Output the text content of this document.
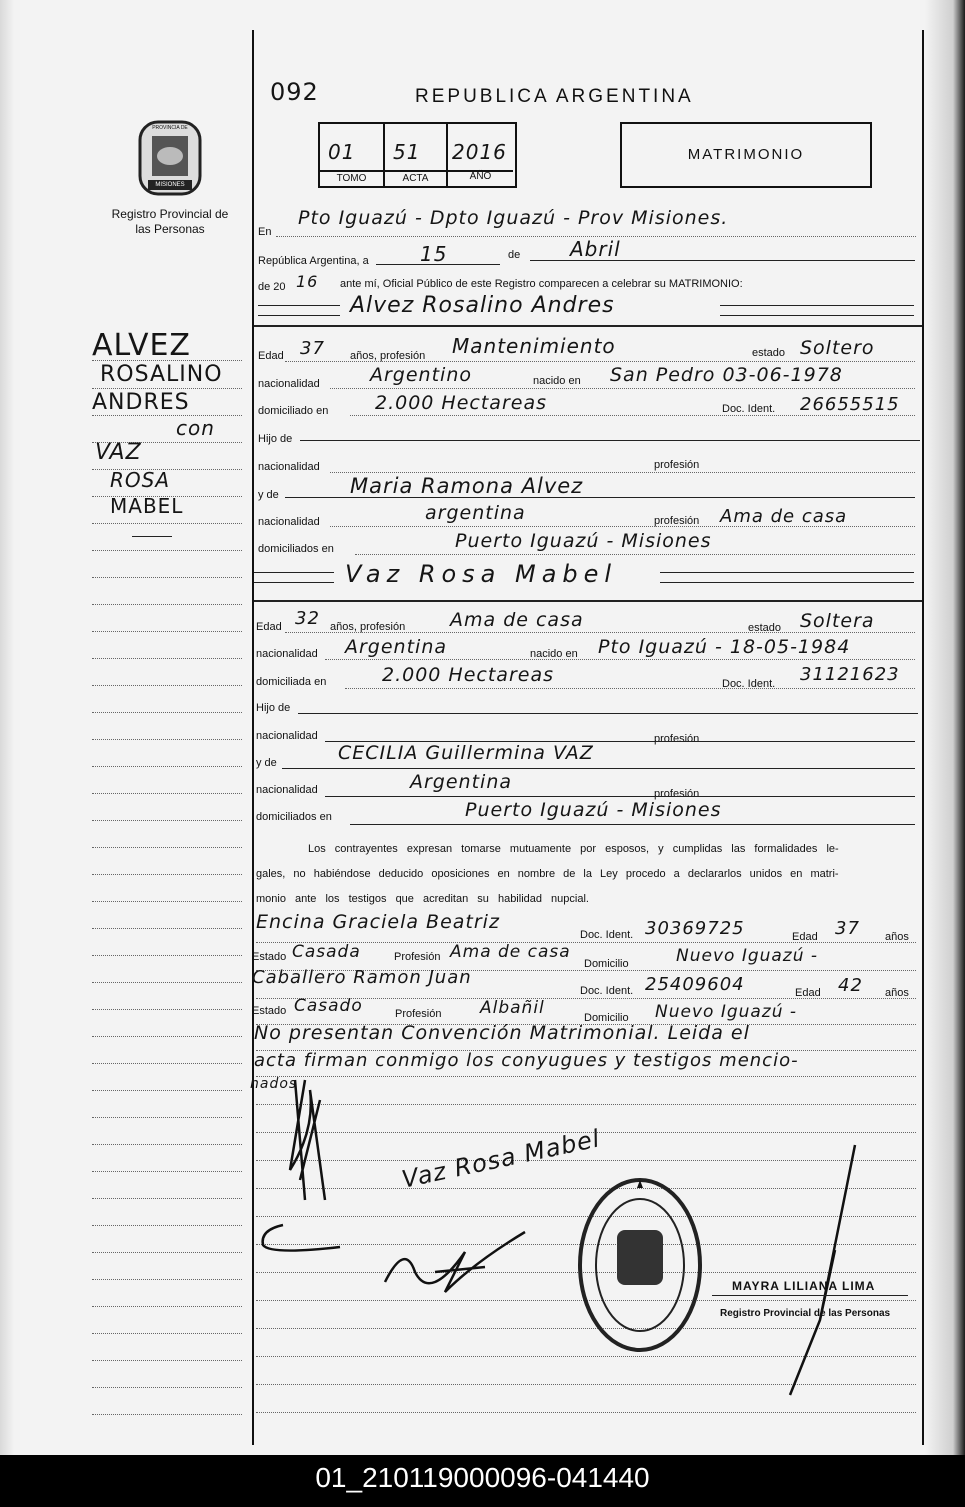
092	REPUBLICA ARGENTINA
PROVINCIA DE
MISIONES
Registro Provincial de las Personas
01 51 2016
TOMO	ACTA	AÑO
MATRIMONIO
En
Pto Iguazú - Dpto Iguazú - Prov Misiones.
República Argentina, a	15	de Abril
de 20 16 ante mí, Oficial Público de este Registro comparecen a celebrar su MATRIMONIO:
Alvez Rosalino Andres
Edad 37 años, profesión Mantenimiento	estado Soltero
nacionalidad	Argentino	nacido en San Pedro 03-06-1978
domiciliado en 2.000 Hectareas	Doc. Ident. 26655515
Hijo de
nacionalidad	profesión
y de	Maria Ramona Alvez
nacionalidad	argentina	profesión Ama de casa
domiciliados en	Puerto Iguazú - Misiones
Vaz Rosa Mabel
Edad 32 años, profesión Ama de casa	estado Soltera
nacionalidad Argentina	nacido en Pto Iguazú - 18-05-1984
domiciliada en	2.000 Hectareas	Doc. Ident. 31121623
Hijo de
nacionalidad	profesión
y de	CECILIA Guillermina VAZ
nacionalidad	Argentina
profesión
domiciliados en	Puerto Iguazú - Misiones
Los contrayentes expresan tomarse mutuamente por esposos, y cumplidas las formalidades le-
gales, no habiéndose deducido oposiciones en nombre de la Ley procedo a declararlos unidos en matri-
monio ante los testigos que acreditan su habilidad nupcial.
Encina Graciela Beatriz
Doc. Ident. 30369725	Edad 37 años
Estado Casada	Profesión Ama de casa
Domicilio	Nuevo Iguazú -
Caballero Ramon Juan
Doc. Ident. 25409604	Edad 42 años
Estado Casado	Profesión Albañil	Domicilio Nuevo Iguazú -
No presentan Convención Matrimonial. Leida el
acta firman conmigo los conyugues y testigos mencio-
nados
ALVEZ
ROSALINO
ANDRES
con
VAZ
ROSA
MABEL
Vaz Rosa Mabel
MAYRA LILIANA LIMA
Registro Provincial de las Personas
01_210119000096-041440
